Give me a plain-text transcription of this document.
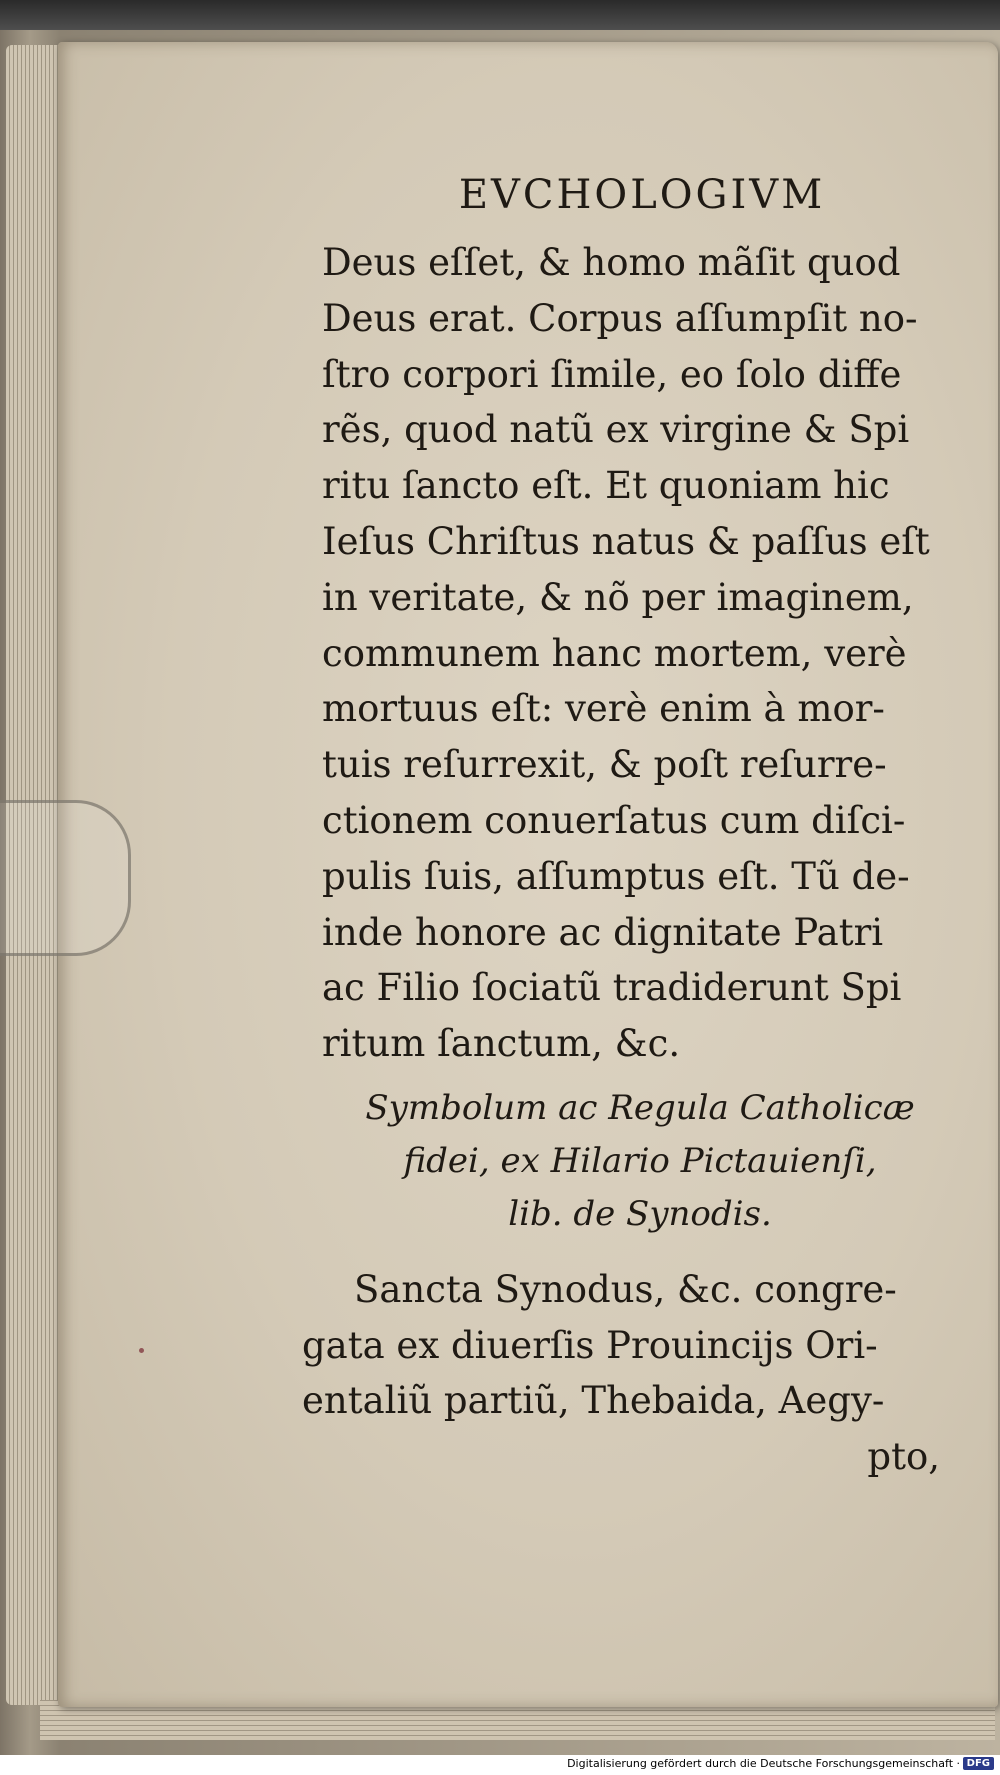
EVCHOLOGIVM
Deus eſſet, & homo mãſit quod
Deus erat. Corpus aſſumpſit no-
ſtro corpori ſimile, eo ſolo diffe
rẽs, quod natũ ex virgine & Spi
ritu ſancto eſt. Et quoniam hic
Ieſus Chriſtus natus & paſſus eſt
in veritate, & nõ per imaginem,
communem hanc mortem, verè
mortuus eſt: verè enim à mor-
tuis reſurrexit, & poſt reſurre-
ctionem conuerſatus cum diſci-
pulis ſuis, aſſumptus eſt. Tũ de-
inde honore ac dignitate Patri
ac Filio ſociatũ tradiderunt Spi
ritum ſanctum, &c.
Symbolum ac Regula Catholicæ
fidei, ex Hilario Pictauienſi,
lib. de Synodis.
Sancta Synodus, &c. congre-
gata ex diuerſis Prouincijs Ori-
entaliũ partiũ, Thebaida, Aegy-
pto,
Digitalisierung gefördert durch die Deutsche Forschungsgemeinschaft · DFG
